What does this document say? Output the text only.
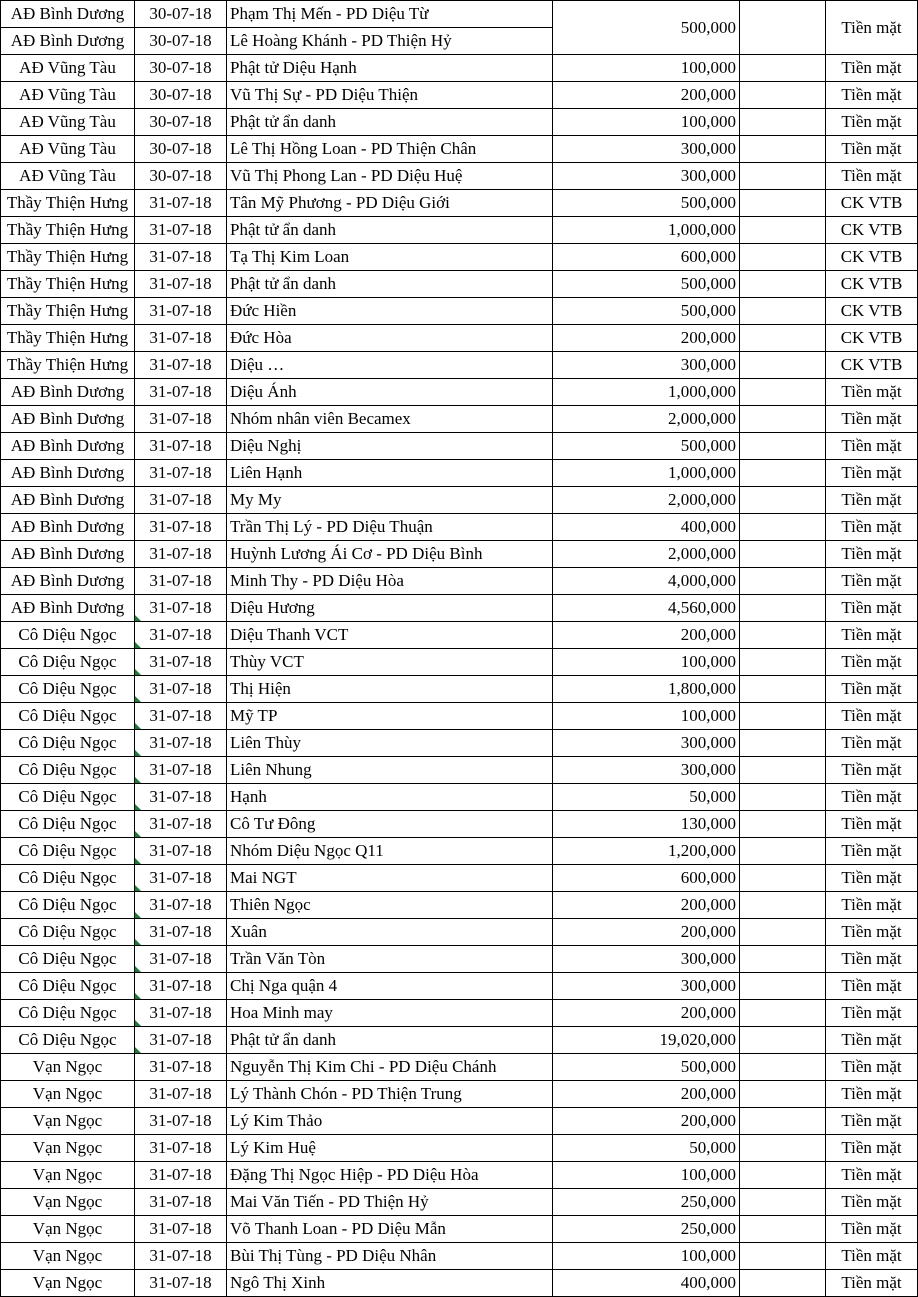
AĐ Bình Dương	30-07-18	Phạm Thị Mến - PD Diệu Từ	500,000		Tiền mặt
AĐ Bình Dương	30-07-18	Lê Hoàng Khánh - PD Thiện Hỷ			
AĐ Vũng Tàu	30-07-18	Phật tử Diệu Hạnh	100,000		Tiền mặt
AĐ Vũng Tàu	30-07-18	Vũ Thị Sự - PD Diệu Thiện	200,000		Tiền mặt
AĐ Vũng Tàu	30-07-18	Phật tử ẩn danh	100,000		Tiền mặt
AĐ Vũng Tàu	30-07-18	Lê Thị Hồng Loan - PD Thiện Chân	300,000		Tiền mặt
AĐ Vũng Tàu	30-07-18	Vũ Thị Phong Lan - PD Diệu Huệ	300,000		Tiền mặt
Thầy Thiện Hưng	31-07-18	Tân Mỹ Phương - PD Diệu Giới	500,000		CK VTB
Thầy Thiện Hưng	31-07-18	Phật tử ẩn danh	1,000,000		CK VTB
Thầy Thiện Hưng	31-07-18	Tạ Thị Kim Loan	600,000		CK VTB
Thầy Thiện Hưng	31-07-18	Phật tử ẩn danh	500,000		CK VTB
Thầy Thiện Hưng	31-07-18	Đức Hiền	500,000		CK VTB
Thầy Thiện Hưng	31-07-18	Đức Hòa	200,000		CK VTB
Thầy Thiện Hưng	31-07-18	Diệu …	300,000		CK VTB
AĐ Bình Dương	31-07-18	Diệu Ánh	1,000,000		Tiền mặt
AĐ Bình Dương	31-07-18	Nhóm nhân viên Becamex	2,000,000		Tiền mặt
AĐ Bình Dương	31-07-18	Diệu Nghị	500,000		Tiền mặt
AĐ Bình Dương	31-07-18	Liên Hạnh	1,000,000		Tiền mặt
AĐ Bình Dương	31-07-18	My My	2,000,000		Tiền mặt
AĐ Bình Dương	31-07-18	Trần Thị Lý - PD Diệu Thuận	400,000		Tiền mặt
AĐ Bình Dương	31-07-18	Huỳnh Lương Ái Cơ - PD Diệu Bình	2,000,000		Tiền mặt
AĐ Bình Dương	31-07-18	Minh Thy - PD Diệu Hòa	4,000,000		Tiền mặt
AĐ Bình Dương	31-07-18	Diệu Hương	4,560,000		Tiền mặt
Cô Diệu Ngọc	31-07-18	Diệu Thanh VCT	200,000		Tiền mặt
Cô Diệu Ngọc	31-07-18	Thùy VCT	100,000		Tiền mặt
Cô Diệu Ngọc	31-07-18	Thị Hiện	1,800,000		Tiền mặt
Cô Diệu Ngọc	31-07-18	Mỹ TP	100,000		Tiền mặt
Cô Diệu Ngọc	31-07-18	Liên Thùy	300,000		Tiền mặt
Cô Diệu Ngọc	31-07-18	Liên Nhung	300,000		Tiền mặt
Cô Diệu Ngọc	31-07-18	Hạnh	50,000		Tiền mặt
Cô Diệu Ngọc	31-07-18	Cô Tư Đông	130,000		Tiền mặt
Cô Diệu Ngọc	31-07-18	Nhóm Diệu Ngọc Q11	1,200,000		Tiền mặt
Cô Diệu Ngọc	31-07-18	Mai NGT	600,000		Tiền mặt
Cô Diệu Ngọc	31-07-18	Thiên Ngọc	200,000		Tiền mặt
Cô Diệu Ngọc	31-07-18	Xuân	200,000		Tiền mặt
Cô Diệu Ngọc	31-07-18	Trần Văn Tòn	300,000		Tiền mặt
Cô Diệu Ngọc	31-07-18	Chị Nga quận 4	300,000		Tiền mặt
Cô Diệu Ngọc	31-07-18	Hoa Minh may	200,000		Tiền mặt
Cô Diệu Ngọc	31-07-18	Phật tử ẩn danh	19,020,000		Tiền mặt
Vạn Ngọc	31-07-18	Nguyễn Thị Kim Chi - PD Diệu Chánh	500,000		Tiền mặt
Vạn Ngọc	31-07-18	Lý Thành Chón - PD Thiện Trung	200,000		Tiền mặt
Vạn Ngọc	31-07-18	Lý Kim Thảo	200,000		Tiền mặt
Vạn Ngọc	31-07-18	Lý Kim Huệ	50,000		Tiền mặt
Vạn Ngọc	31-07-18	Đặng Thị Ngọc Hiệp - PD Diệu Hòa	100,000		Tiền mặt
Vạn Ngọc	31-07-18	Mai Văn Tiến - PD Thiện Hỷ	250,000		Tiền mặt
Vạn Ngọc	31-07-18	Võ Thanh Loan - PD Diệu Mẫn	250,000		Tiền mặt
Vạn Ngọc	31-07-18	Bùi Thị Tùng - PD Diệu Nhân	100,000		Tiền mặt
Vạn Ngọc	31-07-18	Ngô Thị Xinh	400,000		Tiền mặt
